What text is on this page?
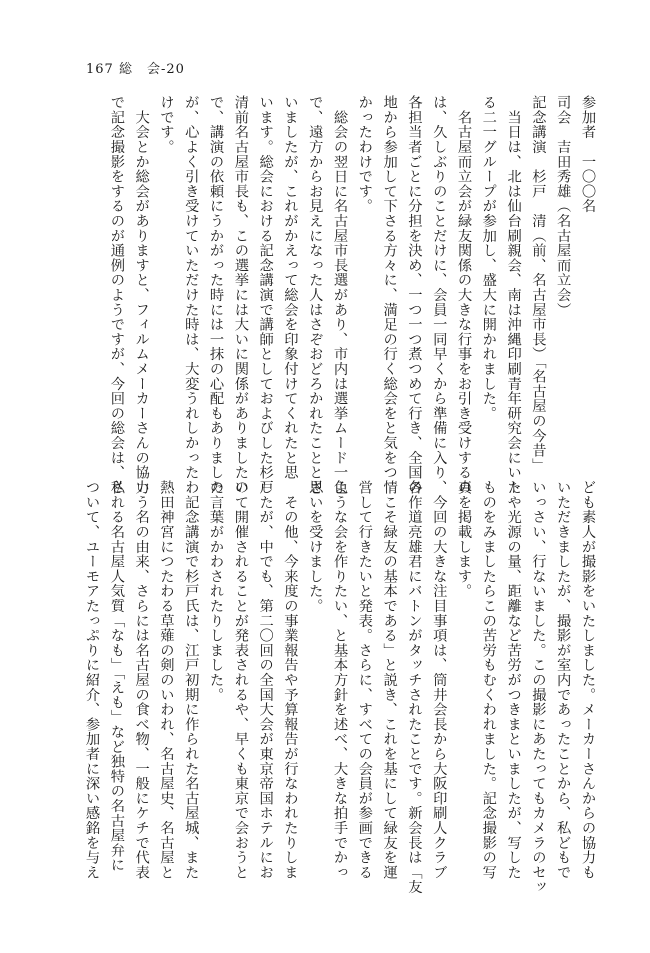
167 総　会-20
参加者　一〇〇名
司会　吉田秀雄（名古屋而立会）
記念講演　杉戸　清（前、名古屋市長）「名古屋の今昔」
　当日は、北は仙台刷親会、南は沖縄印刷青年研究会にいた
る二一グループが参加し、盛大に開かれました。
　名古屋而立会が緑友関係の大きな行事をお引き受けするの
は、久しぶりのことだけに、会員一同早くから準備に入り、
各担当者ごとに分担を決め、一つ一つ煮つめて行き、全国各
地から参加して下さる方々に、満足の行く総会をと気をつ
かったわけです。
　総会の翌日に名古屋市長選があり、市内は選挙ムード一色
で、遠方からお見えになった人はさぞおどろかれたことと思
いましたが、これがかえって総会を印象付けてくれたと思
います。総会における記念講演で講師としておよびした杉戸
清前名古屋市長も、この選挙には大いに関係がありましたの
で、講演の依頼にうかがった時には一抹の心配もありました
が、心よく引き受けていただけた時は、大変うれしかったわ
けです。
　大会とか総会がありますと、フィルムメーカーさんの協力
で記念撮影をするのが通例のようですが、今回の総会は、私
ども素人が撮影をいたしました。メーカーさんからの協力も
いただきましたが、撮影が室内であったことから、私どもで
いっさい、行ないました。この撮影にあたってもカメラのセッ
トや光源の量、距離など苦労がつきまといましたが、写した
ものをみましたらこの苦労もむくわれました。記念撮影の写
真を掲載します。
　今回の大きな注目事項は、筒井会長から大阪印刷人クラブ
の作道亮雄君にバトンがタッチされたことです。新会長は「友
情こそ緑友の基本である」と説き、これを基にして緑友を運
営して行きたいと発表。さらに、すべての会員が参画できる
ような会を作りたい、と基本方針を述べ、大きな拍手でかっ
さいを受けました。
　その他、今来度の事業報告や予算報告が行なわれたりしま
したが、中でも、第二〇回の全国大会が東京帝国ホテルにお
いて開催されることが発表されるや、早くも東京で会おうと
の言葉がかわされたりしました。
　記念講演で杉戸氏は、江戸初期に作られた名古屋城、また
熱田神宮につたわる草薙の剣のいわれ、名古屋史、名古屋と
いう名の由来、さらには名古屋の食べ物、一般にケチで代表
される名古屋人気質「なも」「えも」など独特の名古屋弁に
ついて、ユーモアたっぷりに紹介、参加者に深い感銘を与え
